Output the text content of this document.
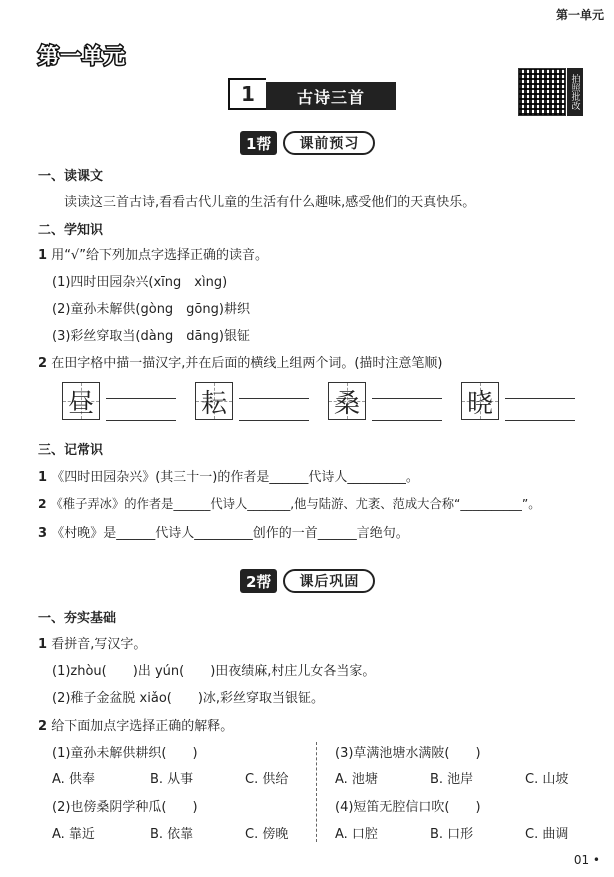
第一单元
第一单元
1	古诗三首	拍照批改
1帮	课前预习
一、读课文
读读这三首古诗,看看古代儿童的生活有什么趣味,感受他们的天真快乐。
二、学知识
1 用“√”给下列加点字选择正确的读音。
(1)四时田园杂兴(xīng　xìng)
(2)童孙未解供(gòng　gōng)耕织
(3)彩丝穿取当(dàng　dāng)银钲
2 在田字格中描一描汉字,并在后面的横线上组两个词。(描时注意笔顺)
昼	耘	桑	晓
三、记常识
1 《四时田园杂兴》(其三十一)的作者是______代诗人_________。
2 《稚子弄冰》的作者是______代诗人_______,他与陆游、尤袤、范成大合称“__________”。
3 《村晚》是______代诗人_________创作的一首______言绝句。
2帮	课后巩固
一、夯实基础
1 看拼音,写汉字。
(1)zhòu(　　)出 yún(　　)田夜绩麻,村庄儿女各当家。
(2)稚子金盆脱 xiǎo(　　)冰,彩丝穿取当银钲。
2 给下面加点字选择正确的解释。
(1)童孙未解供耕织(　　)
A. 供奉	B. 从事	C. 供给
(2)也傍桑阴学种瓜(　　)
A. 靠近	B. 依靠	C. 傍晚
(3)草满池塘水满陂(　　)
A. 池塘	B. 池岸	C. 山坡
(4)短笛无腔信口吹(　　)
A. 口腔	B. 口形	C. 曲调
01 •
